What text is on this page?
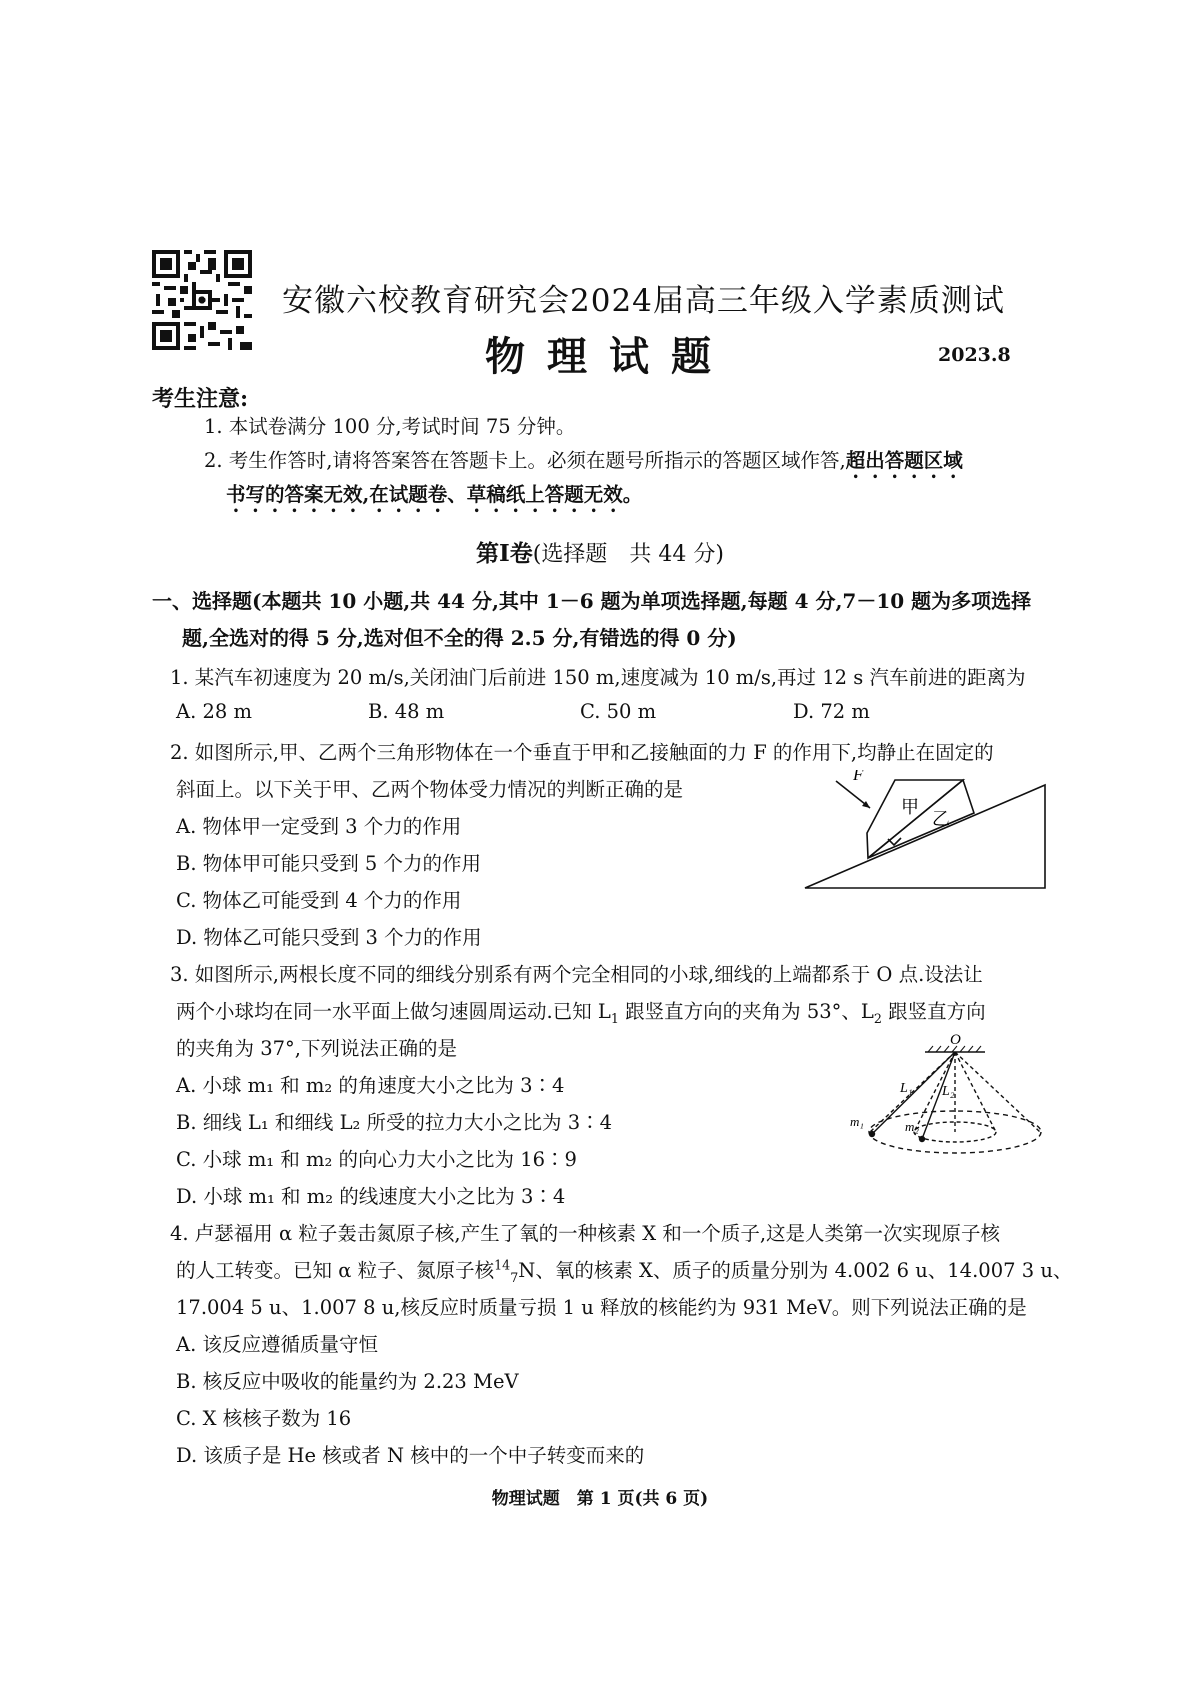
安徽六校教育研究会2024届高三年级入学素质测试
物理试题	2023.8
考生注意:
1. 本试卷满分 100 分,考试时间 75 分钟。
2. 考生作答时,请将答案答在答题卡上。必须在题号所指示的答题区域作答,超出答题区域
书写的答案无效,在试题卷、草稿纸上答题无效。
第Ⅰ卷(选择题　共 44 分)
一、选择题(本题共 10 小题,共 44 分,其中 1－6 题为单项选择题,每题 4 分,7－10 题为多项选择
题,全选对的得 5 分,选对但不全的得 2.5 分,有错选的得 0 分)
1. 某汽车初速度为 20 m/s,关闭油门后前进 150 m,速度减为 10 m/s,再过 12 s 汽车前进的距离为
A. 28 m	B. 48 m	C. 50 m	D. 72 m
2. 如图所示,甲、乙两个三角形物体在一个垂直于甲和乙接触面的力 F 的作用下,均静止在固定的
斜面上。以下关于甲、乙两个物体受力情况的判断正确的是
A. 物体甲一定受到 3 个力的作用
B. 物体甲可能只受到 5 个力的作用
C. 物体乙可能受到 4 个力的作用
D. 物体乙可能只受到 3 个力的作用
F
甲
乙
3. 如图所示,两根长度不同的细线分别系有两个完全相同的小球,细线的上端都系于 O 点.设法让
两个小球均在同一水平面上做匀速圆周运动.已知 $L_1$ 跟竖直方向的夹角为 53°、$L_2$ 跟竖直方向
的夹角为 37°,下列说法正确的是
A. 小球 m₁ 和 m₂ 的角速度大小之比为 3∶4
B. 细线 L₁ 和细线 L₂ 所受的拉力大小之比为 3∶4
C. 小球 m₁ 和 m₂ 的向心力大小之比为 16∶9
D. 小球 m₁ 和 m₂ 的线速度大小之比为 3∶4
O
L₁ L₂
m₁	m₂
4. 卢瑟福用 α 粒子轰击氮原子核,产生了氧的一种核素 X 和一个质子,这是人类第一次实现原子核
的人工转变。已知 α 粒子、氮原子核$^{14}_7$N、氧的核素 X、质子的质量分别为 4.002 6 u、14.007 3 u、
17.004 5 u、1.007 8 u,核反应时质量亏损 1 u 释放的核能约为 931 MeV。则下列说法正确的是
A. 该反应遵循质量守恒
B. 核反应中吸收的能量约为 2.23 MeV
C. X 核核子数为 16
D. 该质子是 He 核或者 N 核中的一个中子转变而来的
物理试题　第 1 页(共 6 页)
